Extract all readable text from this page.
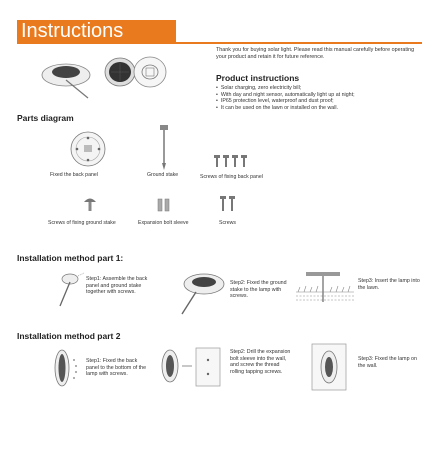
Instructions
Thank you for buying solar light. Please read this manual carefully before operating your product and retain it for future reference.
Product instructions
• Solar charging, zero electricity bill;
• With day and night sensor, automatically light up at night;
• IP65 protection level, waterproof and dust proof;
• It can be used on the lawn or installed on the wall.
Parts diagram
Fixed the back panel	Ground stake	Screws of fixing back panel
Screws of fixing ground stake	Expansion bolt sleeve	Screws
Installation method part 1:
Step1: Assemble the back panel and ground stake together with screws.
Step2: Fixed the ground stake to the lamp with screws.
Step3: Insert the lamp into the lawn.
Installation method part 2
Step1: Fixed the back panel to the bottom of the lamp with screws.
Step2: Drill the expansion bolt sleeve into the wall, and screw the thread rolling tapping screws.
Step3: Fixed the lamp on the wall.
